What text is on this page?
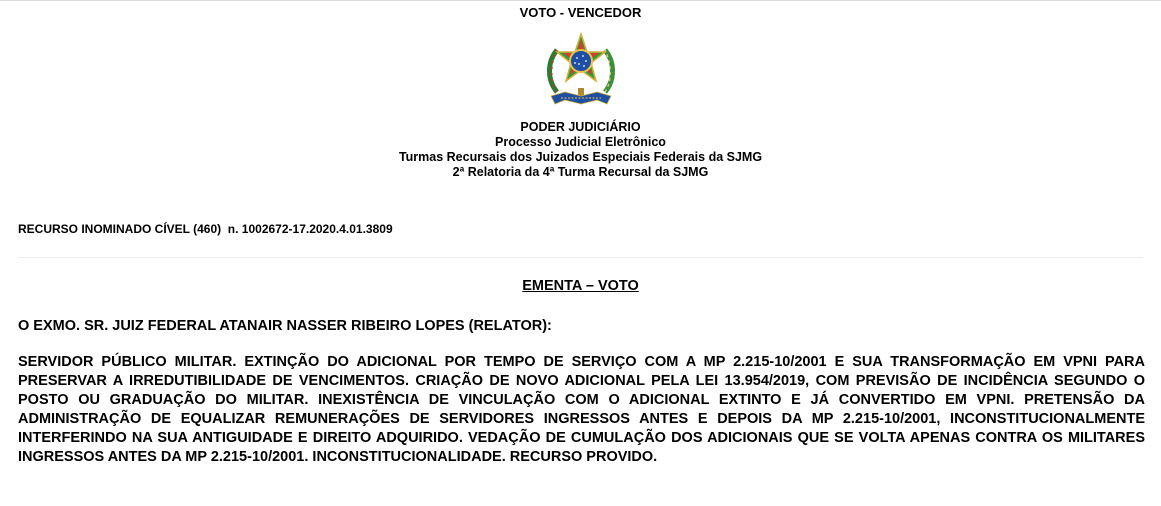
VOTO - VENCEDOR
PODER JUDICIÁRIO
Processo Judicial Eletrônico
Turmas Recursais dos Juizados Especiais Federais da SJMG
2ª Relatoria da 4ª Turma Recursal da SJMG
RECURSO INOMINADO CÍVEL (460)  n. 1002672-17.2020.4.01.3809
EMENTA – VOTO
O EXMO. SR. JUIZ FEDERAL ATANAIR NASSER RIBEIRO LOPES (RELATOR):
SERVIDOR PÚBLICO MILITAR. EXTINÇÃO DO ADICIONAL POR TEMPO DE SERVIÇO COM A MP 2.215-10/2001 E SUA TRANSFORMAÇÃO EM VPNI PARA PRESERVAR A IRREDUTIBILIDADE DE VENCIMENTOS. CRIAÇÃO DE NOVO ADICIONAL PELA LEI 13.954/2019, COM PREVISÃO DE INCIDÊNCIA SEGUNDO O POSTO OU GRADUAÇÃO DO MILITAR. INEXISTÊNCIA DE VINCULAÇÃO COM O ADICIONAL EXTINTO E JÁ CONVERTIDO EM VPNI. PRETENSÃO DA ADMINISTRAÇÃO DE EQUALIZAR REMUNERAÇÕES DE SERVIDORES INGRESSOS ANTES E DEPOIS DA MP 2.215-10/2001, INCONSTITUCIONALMENTE INTERFERINDO NA SUA ANTIGUIDADE E DIREITO ADQUIRIDO. VEDAÇÃO DE CUMULAÇÃO DOS ADICIONAIS QUE SE VOLTA APENAS CONTRA OS MILITARES INGRESSOS ANTES DA MP 2.215-10/2001. INCONSTITUCIONALIDADE. RECURSO PROVIDO.
